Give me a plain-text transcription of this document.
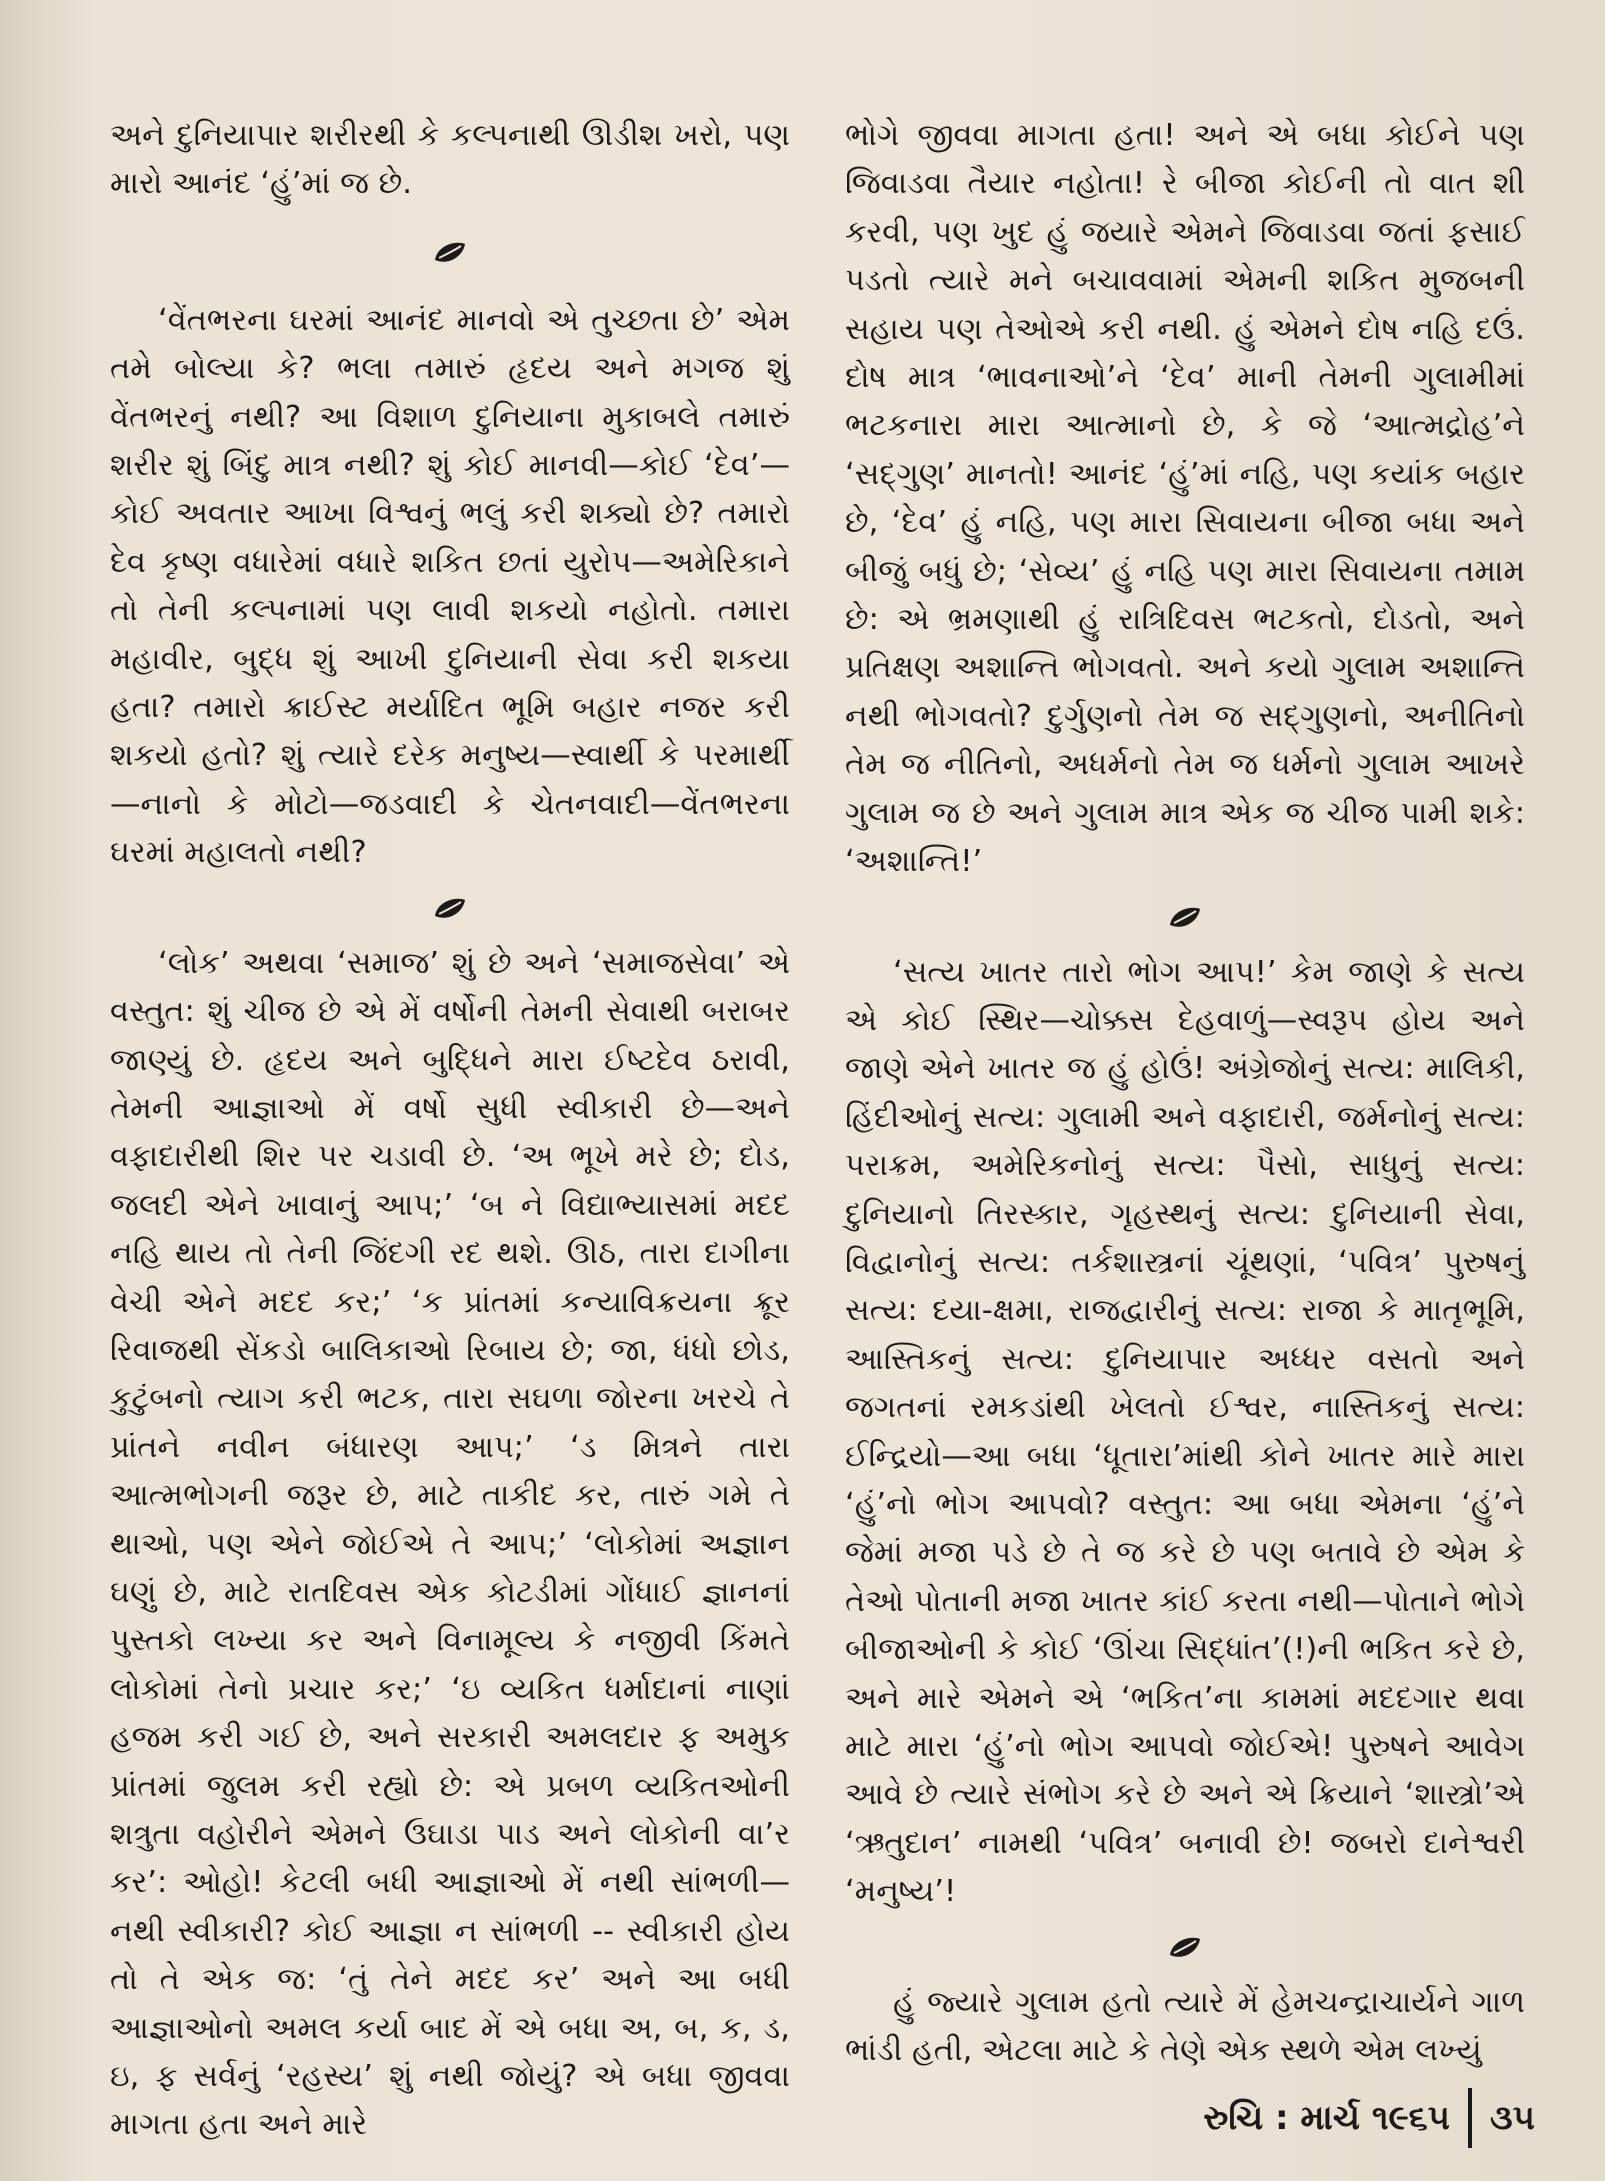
અને દુનિયાપાર શરીરથી કે કલ્પનાથી ઊડીશ ખરો, પણ મારો આનંદ ‘હું’માં જ છે.

‘વેંતભરના ઘરમાં આનંદ માનવો એ તુચ્છતા છે’ એમ તમે બોલ્યા કે? ભલા તમારું હૃદય અને મગજ શું વેંતભરનું નથી? આ વિશાળ દુનિયાના મુકાબલે તમારું શરીર શું બિંદુ માત્ર નથી? શું કોઈ માનવી—કોઈ ‘દેવ’—કોઈ અવતાર આખા વિશ્વનું ભલું કરી શક્યો છે? તમારો દેવ કૃષ્ણ વધારેમાં વધારે શકિત છતાં યુરોપ—અમેરિકાને તો તેની કલ્પનામાં પણ લાવી શકયો નહોતો. તમારા મહાવીર, બુદ્ધ શું આખી દુનિયાની સેવા કરી શકયા હતા? તમારો ક્રાઈસ્ટ મર્યાદિત ભૂમિ બહાર નજર કરી શકયો હતો? શું ત્યારે દરેક મનુષ્ય—સ્વાર્થી કે પરમાર્થી—નાનો કે મોટો—જડવાદી કે ચેતનવાદી—વેંતભરના ઘરમાં મહાલતો નથી?

‘લોક’ અથવા ‘સમાજ’ શું છે અને ‘સમાજસેવા’ એ વસ્તુત: શું ચીજ છે એ મેં વર્ષોની તેમની સેવાથી બરાબર જાણ્યું છે. હૃદય અને બુદ્ધિને મારા ઈષ્ટદેવ ઠરાવી, તેમની આજ્ઞાઓ મેં વર્ષો સુધી સ્વીકારી છે—અને વફાદારીથી શિર પર ચડાવી છે. ‘અ ભૂખે મરે છે; દોડ, જલદી એને ખાવાનું આપ;’ ‘બ ને વિદ્યાભ્યાસમાં મદદ નહિ થાય તો તેની જિંદગી રદ થશે. ઊઠ, તારા દાગીના વેચી એને મદદ કર;’ ‘ક પ્રાંતમાં કન્યાવિક્રયના ક્રૂર રિવાજથી સેંકડો બાલિકાઓ રિબાય છે; જા, ધંધો છોડ, કુટુંબનો ત્યાગ કરી ભટક, તારા સઘળા જોરના ખરચે તે પ્રાંતને નવીન બંધારણ આપ;’ ‘ડ મિત્રને તારા આત્મભોગની જરૂર છે, માટે તાકીદ કર, તારું ગમે તે થાઓ, પણ એને જોઈએ તે આપ;’ ‘લોકોમાં અજ્ઞાન ઘણું છે, માટે રાતદિવસ એક કોટડીમાં ગોંધાઈ જ્ઞાનનાં પુસ્તકો લખ્યા કર અને વિનામૂલ્ય કે નજીવી કિંમતે લોકોમાં તેનો પ્રચાર કર;’ ‘ઇ વ્યકિત ધર્માદાનાં નાણાં હજમ કરી ગઈ છે, અને સરકારી અમલદાર ફ અમુક પ્રાંતમાં જુલમ કરી રહ્યો છે: એ પ્રબળ વ્યકિતઓની શત્રુતા વહોરીને એમને ઉઘાડા પાડ અને લોકોની વા’ર કર’: ઓહો! કેટલી બધી આજ્ઞાઓ મેં નથી સાંભળી—નથી સ્વીકારી? કોઈ આજ્ઞા ન સાંભળી -- સ્વીકારી હોય તો તે એક જ: ‘તું તેને મદદ કર’ અને આ બધી આજ્ઞાઓનો અમલ કર્યા બાદ મેં એ બધા અ, બ, ક, ડ, ઇ, ફ સર્વનું ‘રહસ્ય’ શું નથી જોયું? એ બધા જીવવા માગતા હતા અને મારે

ભોગે જીવવા માગતા હતા! અને એ બધા કોઈને પણ જિવાડવા તૈયાર નહોતા! રે બીજા કોઈની તો વાત શી કરવી, પણ ખુદ હું જયારે એમને જિવાડવા જતાં ફસાઈ પડતો ત્યારે મને બચાવવામાં એમની શકિત મુજબની સહાય પણ તેઓએ કરી નથી. હું એમને દોષ નહિ દઉં. દોષ માત્ર ‘ભાવનાઓ’ને ‘દેવ’ માની તેમની ગુલામીમાં ભટકનારા મારા આત્માનો છે, કે જે ‘આત્મદ્રોહ’ને ‘સદ્ગુણ’ માનતો! આનંદ ‘હું’માં નહિ, પણ કયાંક બહાર છે, ‘દેવ’ હું નહિ, પણ મારા સિવાયના બીજા બધા અને બીજું બધું છે; ‘સેવ્ય’ હું નહિ પણ મારા સિવાયના તમામ છે: એ ભ્રમણાથી હું રાત્રિદિવસ ભટકતો, દોડતો, અને પ્રતિક્ષણ અશાન્તિ ભોગવતો. અને કયો ગુલામ અશાન્તિ નથી ભોગવતો? દુર્ગુણનો તેમ જ સદ્ગુણનો, અનીતિનો તેમ જ નીતિનો, અધર્મનો તેમ જ ધર્મનો ગુલામ આખરે ગુલામ જ છે અને ગુલામ માત્ર એક જ ચીજ પામી શકે: ‘અશાન્તિ!’

‘સત્ય ખાતર તારો ભોગ આપ!’ કેમ જાણે કે સત્ય એ કોઈ સ્થિર—ચોક્કસ દેહવાળું—સ્વરૂપ હોય અને જાણે એને ખાતર જ હું હોઉં! અંગ્રેજોનું સત્ય: માલિકી, હિંદીઓનું સત્ય: ગુલામી અને વફાદારી, જર્મનોનું સત્ય: પરાક્રમ, અમેરિકનોનું સત્ય: પૈસો, સાધુનું સત્ય: દુનિયાનો તિરસ્કાર, ગૃહસ્થનું સત્ય: દુનિયાની સેવા, વિદ્વાનોનું સત્ય: તર્કશાસ્ત્રનાં ચૂંથણાં, ‘પવિત્ર’ પુરુષનું સત્ય: દયા-ક્ષમા, રાજદ્વારીનું સત્ય: રાજા કે માતૃભૂમિ, આસ્તિકનું સત્ય: દુનિયાપાર અધ્ધર વસતો અને જગતનાં રમકડાંથી ખેલતો ઈશ્વર, નાસ્તિકનું સત્ય: ઈન્દ્રિયો—આ બધા ‘ધૂતારા’માંથી કોને ખાતર મારે મારા ‘હું’નો ભોગ આપવો? વસ્તુત: આ બધા એમના ‘હું’ને જેમાં મજા પડે છે તે જ કરે છે પણ બતાવે છે એમ કે તેઓ પોતાની મજા ખાતર કાંઈ કરતા નથી—પોતાને ભોગે બીજાઓની કે કોઈ ‘ઊંચા સિદ્ધાંત’(!)ની ભકિત કરે છે, અને મારે એમને એ ‘ભકિત’ના કામમાં મદદગાર થવા માટે મારા ‘હું’નો ભોગ આપવો જોઈએ! પુરુષને આવેગ આવે છે ત્યારે સંભોગ કરે છે અને એ ક્રિયાને ‘શાસ્ત્રો’એ ‘ઋતુદાન’ નામથી ‘પવિત્ર’ બનાવી છે! જબરો દાનેશ્વરી ‘મનુષ્ય’!

હું જ્યારે ગુલામ હતો ત્યારે મેં હેમચન્દ્રાચાર્યને ગાળ ભાંડી હતી, એટલા માટે કે તેણે એક સ્થળે એમ લખ્યું

રુચિ : માર્ચ ૧૯૬૫ ૩૫
